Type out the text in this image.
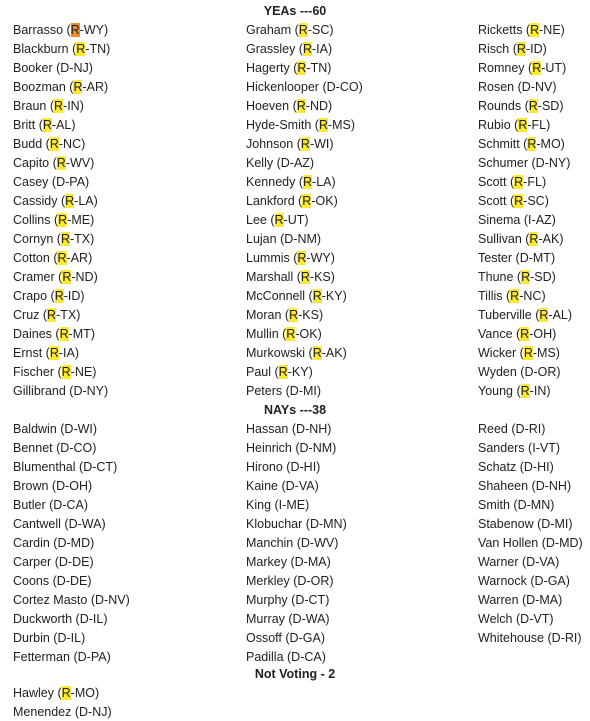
YEAs ---60
Barrasso (R-WY)
Blackburn (R-TN)
Booker (D-NJ)
Boozman (R-AR)
Braun (R-IN)
Britt (R-AL)
Budd (R-NC)
Capito (R-WV)
Casey (D-PA)
Cassidy (R-LA)
Collins (R-ME)
Cornyn (R-TX)
Cotton (R-AR)
Cramer (R-ND)
Crapo (R-ID)
Cruz (R-TX)
Daines (R-MT)
Ernst (R-IA)
Fischer (R-NE)
Gillibrand (D-NY)
Graham (R-SC)
Grassley (R-IA)
Hagerty (R-TN)
Hickenlooper (D-CO)
Hoeven (R-ND)
Hyde-Smith (R-MS)
Johnson (R-WI)
Kelly (D-AZ)
Kennedy (R-LA)
Lankford (R-OK)
Lee (R-UT)
Lujan (D-NM)
Lummis (R-WY)
Marshall (R-KS)
McConnell (R-KY)
Moran (R-KS)
Mullin (R-OK)
Murkowski (R-AK)
Paul (R-KY)
Peters (D-MI)
Ricketts (R-NE)
Risch (R-ID)
Romney (R-UT)
Rosen (D-NV)
Rounds (R-SD)
Rubio (R-FL)
Schmitt (R-MO)
Schumer (D-NY)
Scott (R-FL)
Scott (R-SC)
Sinema (I-AZ)
Sullivan (R-AK)
Tester (D-MT)
Thune (R-SD)
Tillis (R-NC)
Tuberville (R-AL)
Vance (R-OH)
Wicker (R-MS)
Wyden (D-OR)
Young (R-IN)
NAYs ---38
Baldwin (D-WI)
Bennet (D-CO)
Blumenthal (D-CT)
Brown (D-OH)
Butler (D-CA)
Cantwell (D-WA)
Cardin (D-MD)
Carper (D-DE)
Coons (D-DE)
Cortez Masto (D-NV)
Duckworth (D-IL)
Durbin (D-IL)
Fetterman (D-PA)
Hassan (D-NH)
Heinrich (D-NM)
Hirono (D-HI)
Kaine (D-VA)
King (I-ME)
Klobuchar (D-MN)
Manchin (D-WV)
Markey (D-MA)
Merkley (D-OR)
Murphy (D-CT)
Murray (D-WA)
Ossoff (D-GA)
Padilla (D-CA)
Reed (D-RI)
Sanders (I-VT)
Schatz (D-HI)
Shaheen (D-NH)
Smith (D-MN)
Stabenow (D-MI)
Van Hollen (D-MD)
Warner (D-VA)
Warnock (D-GA)
Warren (D-MA)
Welch (D-VT)
Whitehouse (D-RI)
Not Voting - 2
Hawley (R-MO)
Menendez (D-NJ)
